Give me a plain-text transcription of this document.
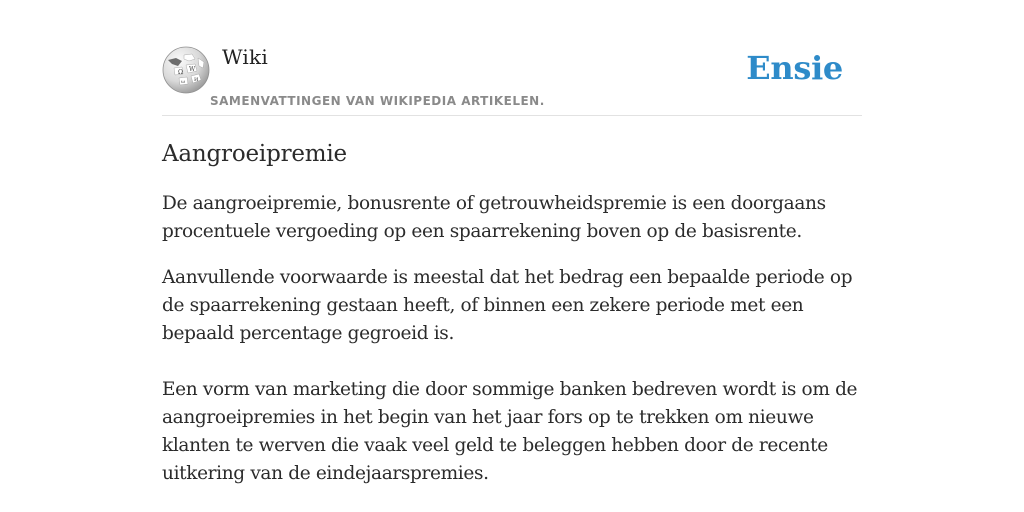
Ω W
ω И
Wiki
SAMENVATTINGEN VAN WIKIPEDIA ARTIKELEN.
Ensie
Aangroeipremie

De aangroeipremie, bonusrente of getrouwheidspremie is een doorgaans procentuele vergoeding op een spaarrekening boven op de basisrente.

Aanvullende voorwaarde is meestal dat het bedrag een bepaalde periode op de spaarrekening gestaan heeft, of binnen een zekere periode met een bepaald percentage gegroeid is.

Een vorm van marketing die door sommige banken bedreven wordt is om de aangroeipremies in het begin van het jaar fors op te trekken om nieuwe klanten te werven die vaak veel geld te beleggen hebben door de recente uitkering van de eindejaarspremies.
